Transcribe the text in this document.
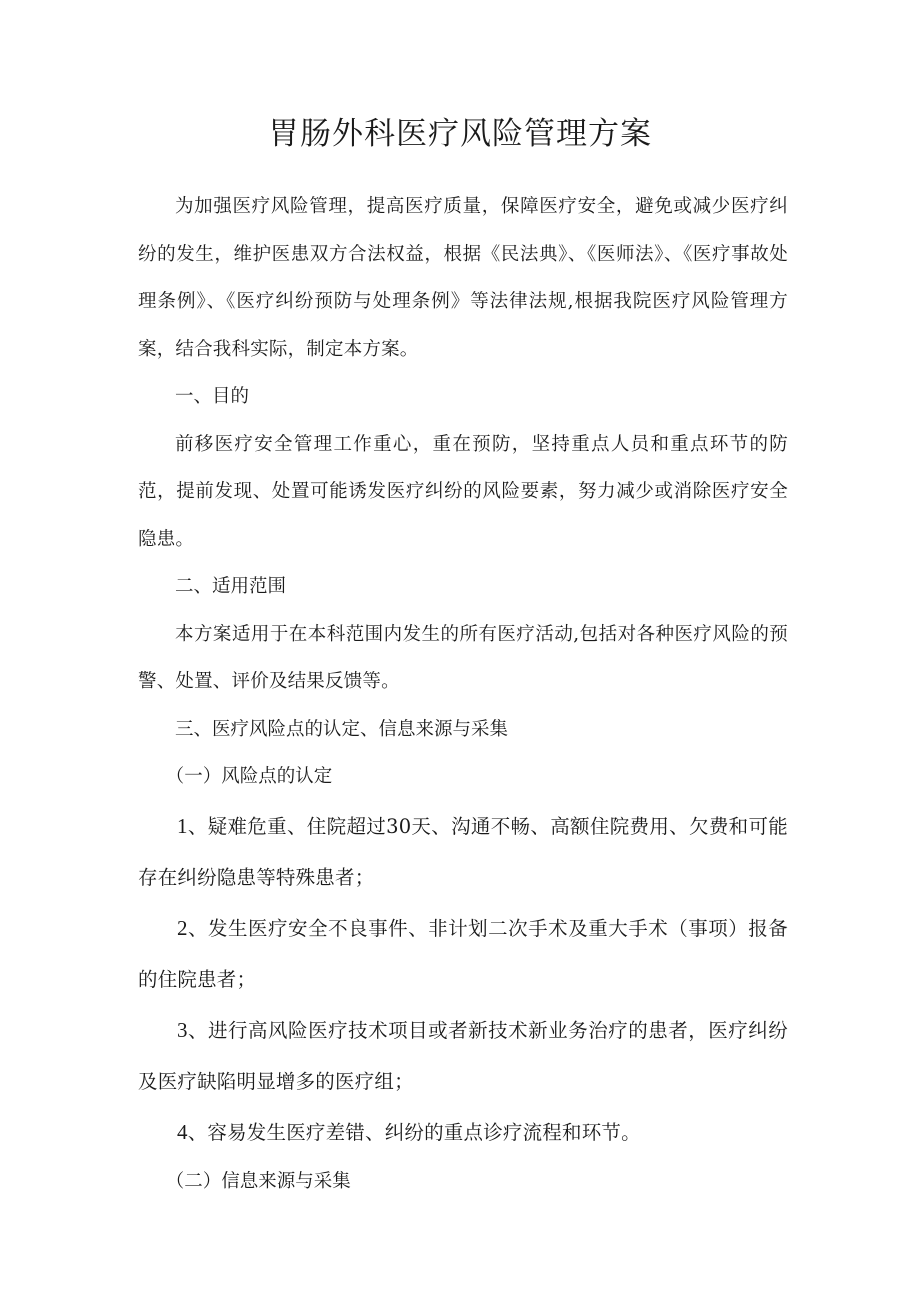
胃肠外科医疗风险管理方案

为加强医疗风险管理，提高医疗质量，保障医疗安全，避免或减少医疗纠纷的发生，维护医患双方合法权益，根据《民法典》、《医师法》、《医疗事故处理条例》、《医疗纠纷预防与处理条例》等法律法规,根据我院医疗风险管理方案，结合我科实际，制定本方案。

一、目的

前移医疗安全管理工作重心，重在预防，坚持重点人员和重点环节的防范，提前发现、处置可能诱发医疗纠纷的风险要素，努力减少或消除医疗安全隐患。

二、适用范围

本方案适用于在本科范围内发生的所有医疗活动,包括对各种医疗风险的预警、处置、评价及结果反馈等。

三、医疗风险点的认定、信息来源与采集

（一）风险点的认定

1、疑难危重、住院超过30天、沟通不畅、高额住院费用、欠费和可能存在纠纷隐患等特殊患者；

2、发生医疗安全不良事件、非计划二次手术及重大手术（事项）报备的住院患者；

3、进行高风险医疗技术项目或者新技术新业务治疗的患者，医疗纠纷及医疗缺陷明显增多的医疗组；

4、容易发生医疗差错、纠纷的重点诊疗流程和环节。

（二）信息来源与采集
